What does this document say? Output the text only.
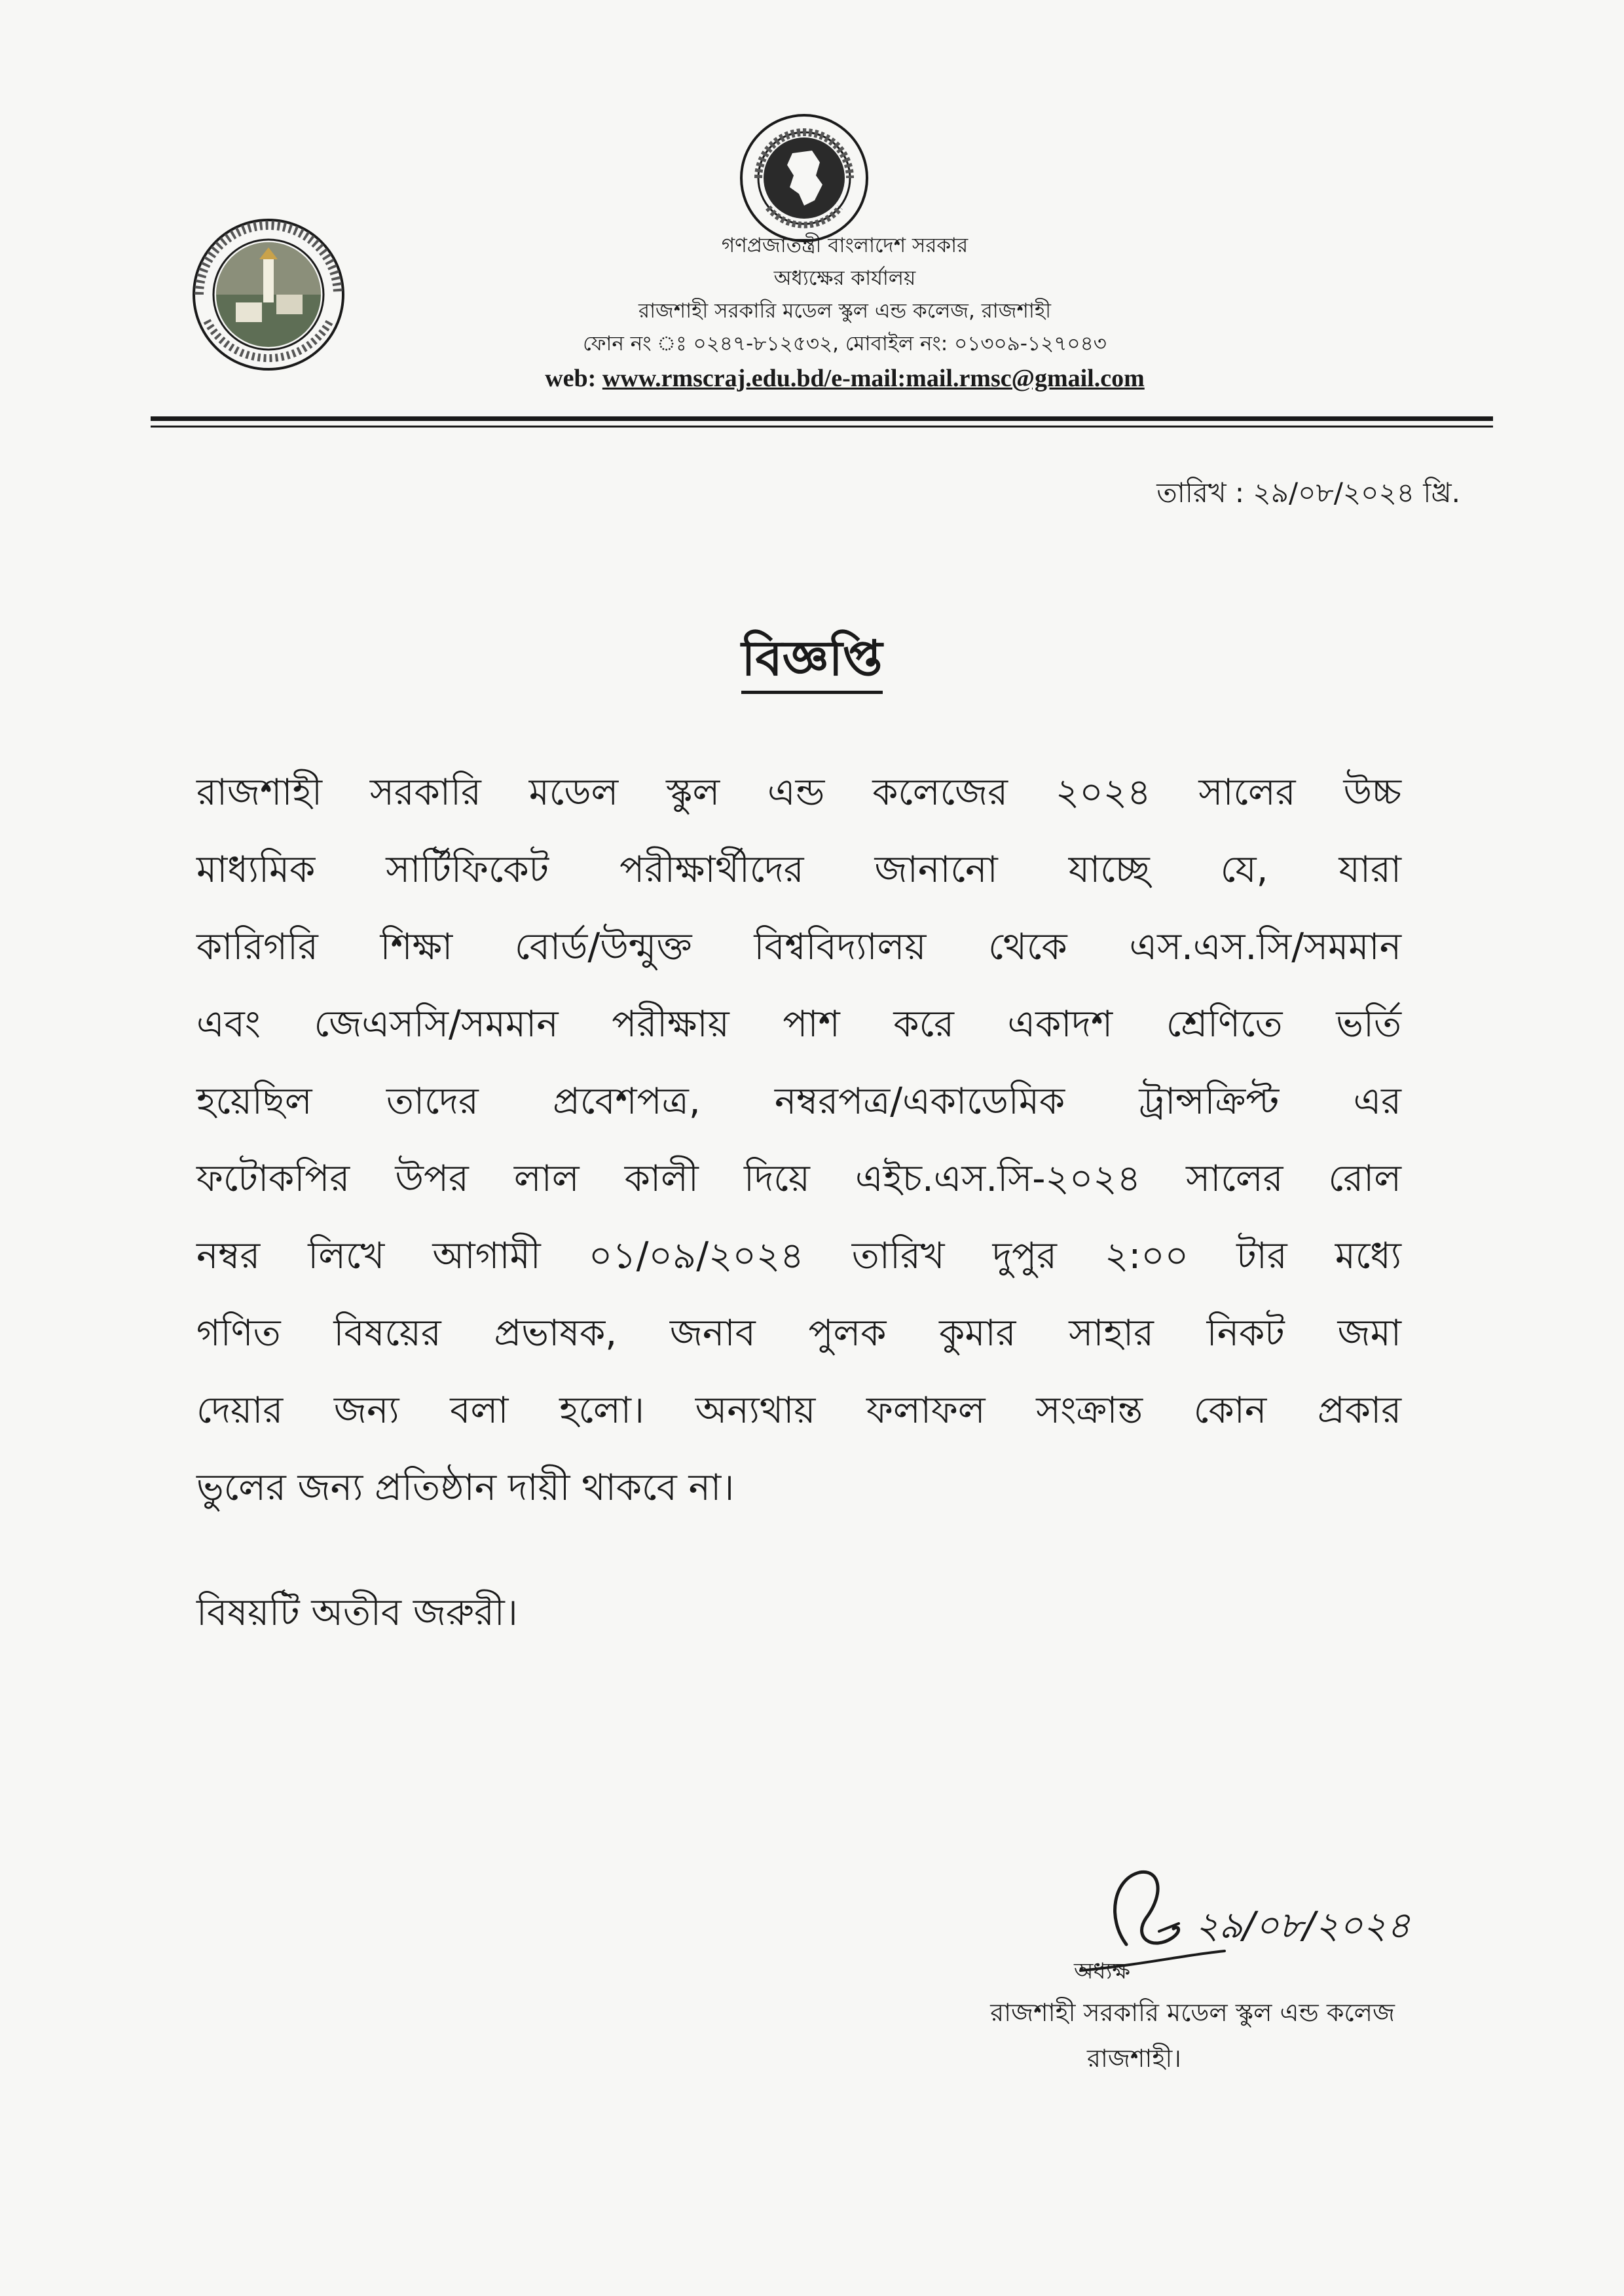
গণপ্রজাতন্ত্রী বাংলাদেশ সরকার
অধ্যক্ষের কার্যালয়
রাজশাহী সরকারি মডেল স্কুল এন্ড কলেজ, রাজশাহী
ফোন নং ঃ ০২৪৭-৮১২৫৩২, মোবাইল নং: ০১৩০৯-১২৭০৪৩
web: www.rmscraj.edu.bd/e-mail:mail.rmsc@gmail.com
তারিখ : ২৯/০৮/২০২৪ খ্রি.
বিজ্ঞপ্তি
রাজশাহী সরকারি মডেল স্কুল এন্ড কলেজের ২০২৪ সালের উচ্চ
মাধ্যমিক সার্টিফিকেট পরীক্ষার্থীদের জানানো যাচ্ছে যে, যারা
কারিগরি শিক্ষা বোর্ড/উন্মুক্ত বিশ্ববিদ্যালয় থেকে এস.এস.সি/সমমান
এবং জেএসসি/সমমান পরীক্ষায় পাশ করে একাদশ শ্রেণিতে ভর্তি
হয়েছিল তাদের প্রবেশপত্র, নম্বরপত্র/একাডেমিক ট্রান্সক্রিপ্ট এর
ফটোকপির উপর লাল কালী দিয়ে এইচ.এস.সি-২০২৪ সালের রোল
নম্বর লিখে আগামী ০১/০৯/২০২৪ তারিখ দুপুর ২:০০ টার মধ্যে
গণিত বিষয়ের প্রভাষক, জনাব পুলক কুমার সাহার নিকট জমা
দেয়ার জন্য বলা হলো। অন্যথায় ফলাফল সংক্রান্ত কোন প্রকার
ভুলের জন্য প্রতিষ্ঠান দায়ী থাকবে না।
বিষয়টি অতীব জরুরী।
২৯/০৮/২০২৪
অধ্যক্ষ
রাজশাহী সরকারি মডেল স্কুল এন্ড কলেজ
রাজশাহী।
